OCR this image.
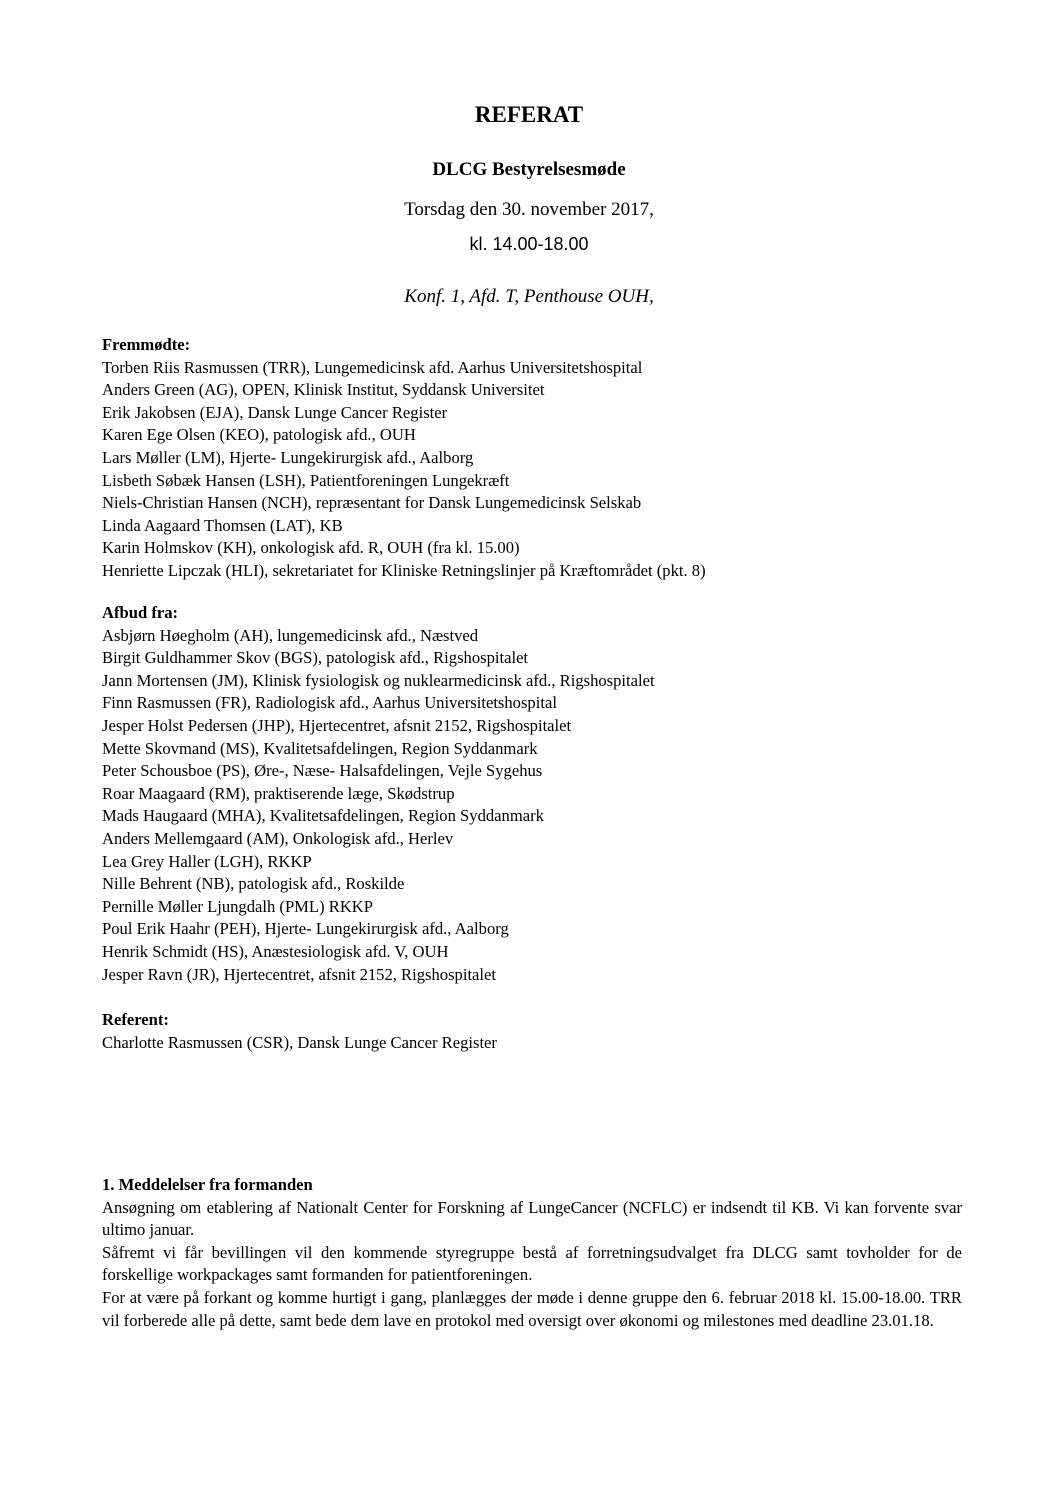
REFERAT
DLCG Bestyrelsesmøde
Torsdag den 30. november 2017,
kl. 14.00-18.00
Konf. 1, Afd. T, Penthouse OUH,
Fremmødte:
Torben Riis Rasmussen (TRR), Lungemedicinsk afd. Aarhus Universitetshospital
Anders Green (AG), OPEN, Klinisk Institut, Syddansk Universitet
Erik Jakobsen (EJA), Dansk Lunge Cancer Register
Karen Ege Olsen (KEO), patologisk afd., OUH
Lars Møller (LM), Hjerte- Lungekirurgisk afd., Aalborg
Lisbeth Søbæk Hansen (LSH), Patientforeningen Lungekræft
Niels-Christian Hansen (NCH), repræsentant for Dansk Lungemedicinsk Selskab
Linda Aagaard Thomsen (LAT), KB
Karin Holmskov (KH), onkologisk afd. R, OUH (fra kl. 15.00)
Henriette Lipczak (HLI), sekretariatet for Kliniske Retningslinjer på Kræftområdet (pkt. 8)
Afbud fra:
Asbjørn Høegholm (AH), lungemedicinsk afd., Næstved
Birgit Guldhammer Skov (BGS), patologisk afd., Rigshospitalet
Jann Mortensen (JM), Klinisk fysiologisk og nuklearmedicinsk afd., Rigshospitalet
Finn Rasmussen (FR), Radiologisk afd., Aarhus Universitetshospital
Jesper Holst Pedersen (JHP), Hjertecentret, afsnit 2152, Rigshospitalet
Mette Skovmand (MS), Kvalitetsafdelingen, Region Syddanmark
Peter Schousboe (PS), Øre-, Næse- Halsafdelingen, Vejle Sygehus
Roar Maagaard (RM), praktiserende læge, Skødstrup
Mads Haugaard (MHA), Kvalitetsafdelingen, Region Syddanmark
Anders Mellemgaard (AM), Onkologisk afd., Herlev
Lea Grey Haller (LGH), RKKP
Nille Behrent (NB), patologisk afd., Roskilde
Pernille Møller Ljungdalh (PML) RKKP
Poul Erik Haahr (PEH), Hjerte- Lungekirurgisk afd., Aalborg
Henrik Schmidt (HS), Anæstesiologisk afd. V, OUH
Jesper Ravn (JR), Hjertecentret, afsnit 2152, Rigshospitalet
Referent:
Charlotte Rasmussen (CSR), Dansk Lunge Cancer Register
1. Meddelelser fra formanden
Ansøgning om etablering af Nationalt Center for Forskning af LungeCancer (NCFLC) er indsendt til KB. Vi kan forvente svar ultimo januar.
Såfremt vi får bevillingen vil den kommende styregruppe bestå af forretningsudvalget fra DLCG samt tovholder for de forskellige workpackages samt formanden for patientforeningen.
For at være på forkant og komme hurtigt i gang, planlægges der møde i denne gruppe den 6. februar 2018 kl. 15.00-18.00. TRR vil forberede alle på dette, samt bede dem lave en protokol med oversigt over økonomi og milestones med deadline 23.01.18.
